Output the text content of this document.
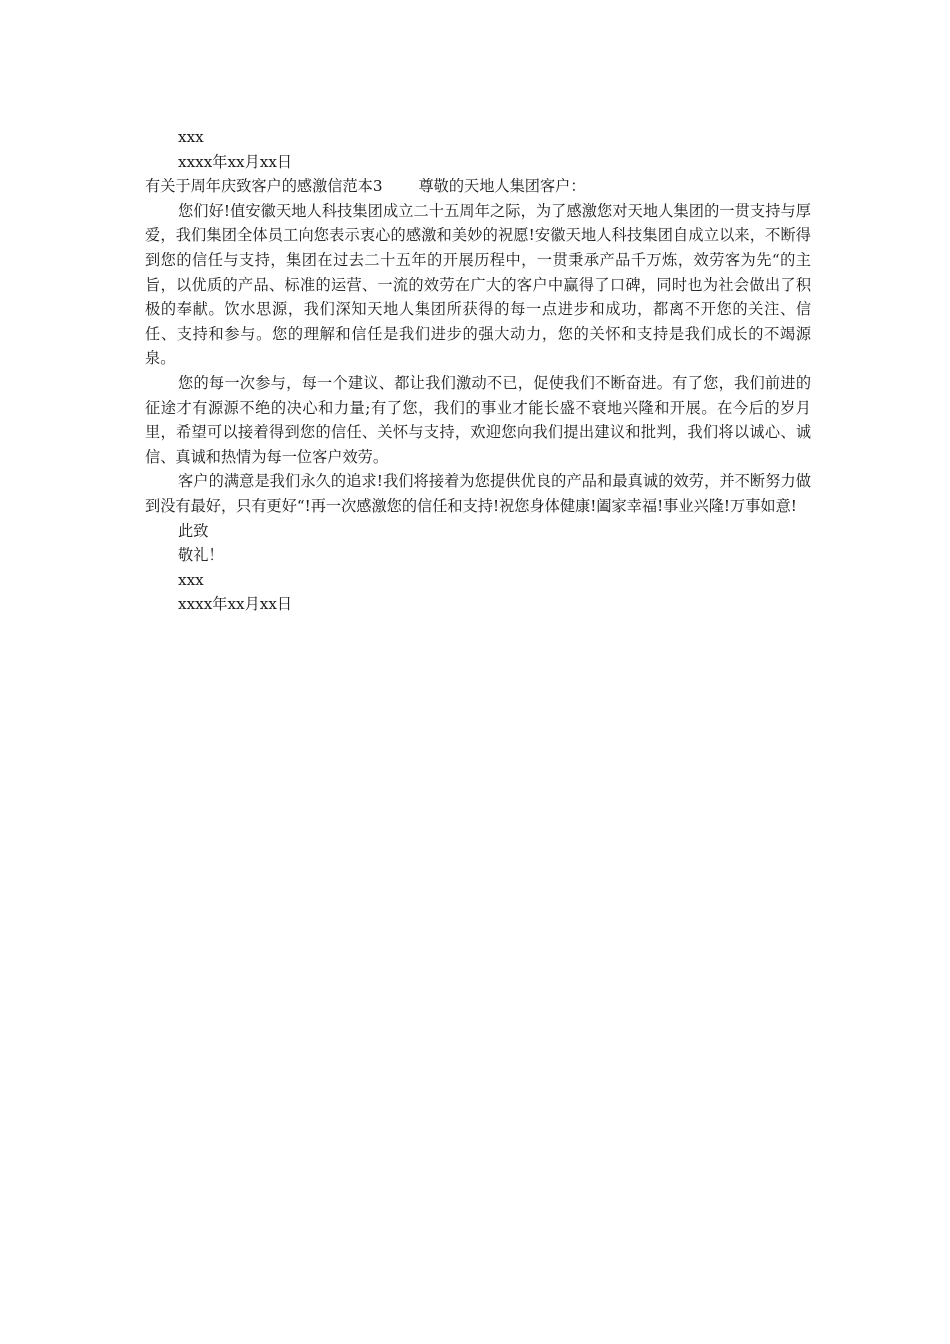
xxx
xxxx年xx月xx日
有关于周年庆致客户的感激信范本3 尊敬的天地人集团客户：

您们好!值安徽天地人科技集团成立二十五周年之际，为了感激您对天地人集团的一贯支持与厚爱，我们集团全体员工向您表示衷心的感激和美妙的祝愿!安徽天地人科技集团自成立以来，不断得到您的信任与支持，集团在过去二十五年的开展历程中，一贯秉承产品千万炼，效劳客为先“的主旨，以优质的产品、标准的运营、一流的效劳在广大的客户中赢得了口碑，同时也为社会做出了积极的奉献。饮水思源，我们深知天地人集团所获得的每一点进步和成功，都离不开您的关注、信任、支持和参与。您的理解和信任是我们进步的强大动力，您的关怀和支持是我们成长的不竭源泉。

您的每一次参与，每一个建议、都让我们激动不已，促使我们不断奋进。有了您，我们前进的征途才有源源不绝的决心和力量;有了您，我们的事业才能长盛不衰地兴隆和开展。在今后的岁月里，希望可以接着得到您的信任、关怀与支持，欢迎您向我们提出建议和批判，我们将以诚心、诚信、真诚和热情为每一位客户效劳。

客户的满意是我们永久的追求!我们将接着为您提供优良的产品和最真诚的效劳，并不断努力做到没有最好，只有更好“!再一次感激您的信任和支持!祝您身体健康!阖家幸福!事业兴隆!万事如意!

此致
敬礼！
xxx
xxxx年xx月xx日
